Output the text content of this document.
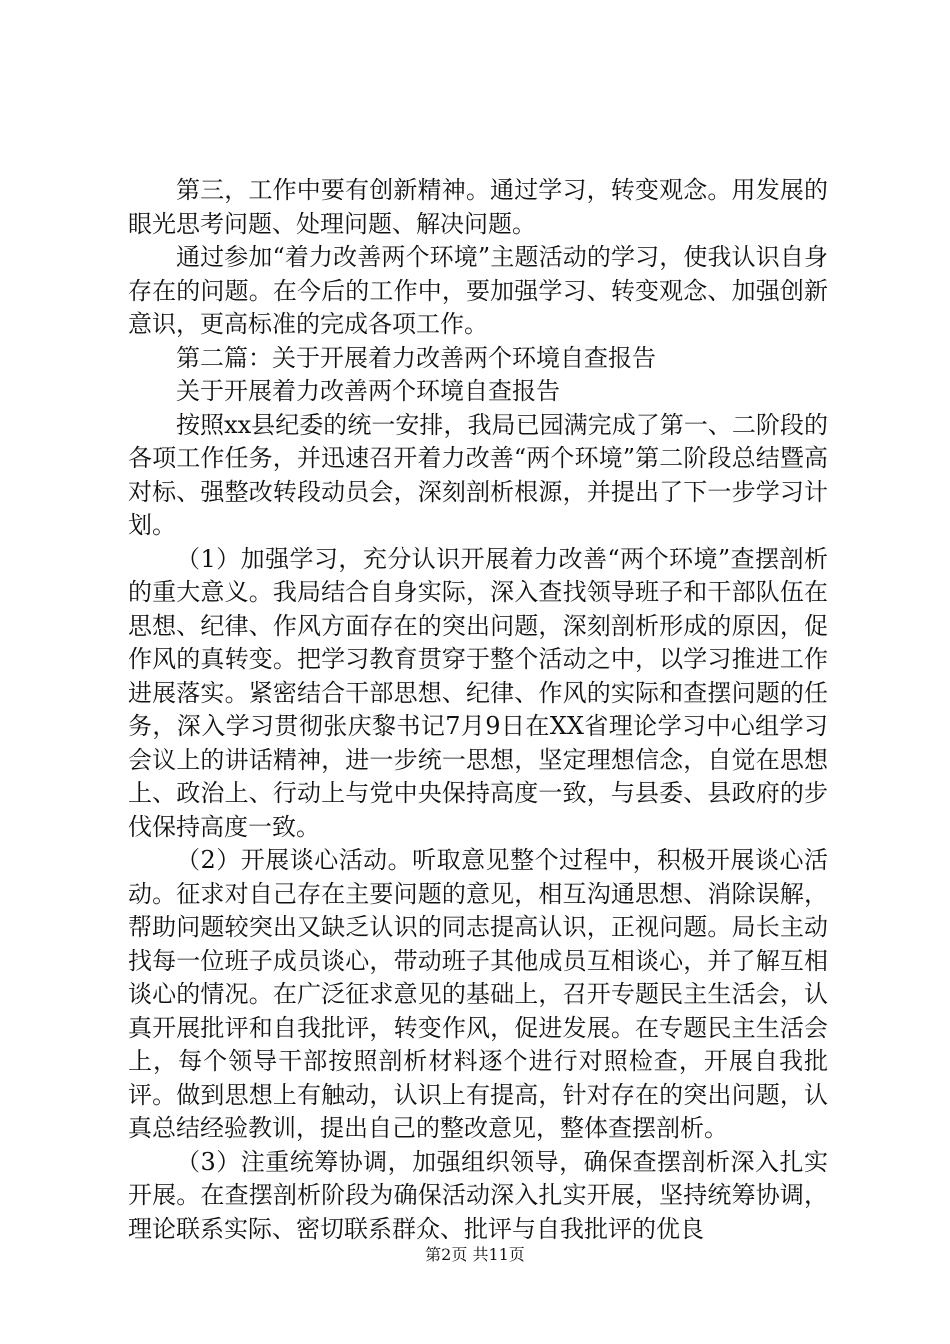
第三，工作中要有创新精神。通过学习，转变观念。用发展的眼光思考问题、处理问题、解决问题。

通过参加“着力改善两个环境”主题活动的学习，使我认识自身存在的问题。在今后的工作中，要加强学习、转变观念、加强创新意识，更高标准的完成各项工作。

第二篇：关于开展着力改善两个环境自查报告

关于开展着力改善两个环境自查报告

按照xx县纪委的统一安排，我局已园满完成了第一、二阶段的各项工作任务，并迅速召开着力改善“两个环境”第二阶段总结暨高对标、强整改转段动员会，深刻剖析根源，并提出了下一步学习计划。

（1）加强学习，充分认识开展着力改善“两个环境”查摆剖析的重大意义。我局结合自身实际，深入查找领导班子和干部队伍在思想、纪律、作风方面存在的突出问题，深刻剖析形成的原因，促作风的真转变。把学习教育贯穿于整个活动之中，以学习推进工作进展落实。紧密结合干部思想、纪律、作风的实际和查摆问题的任务，深入学习贯彻张庆黎书记7月9日在XX省理论学习中心组学习会议上的讲话精神，进一步统一思想，坚定理想信念，自觉在思想上、政治上、行动上与党中央保持高度一致，与县委、县政府的步伐保持高度一致。

（2）开展谈心活动。听取意见整个过程中，积极开展谈心活动。征求对自己存在主要问题的意见，相互沟通思想、消除误解，帮助问题较突出又缺乏认识的同志提高认识，正视问题。局长主动找每一位班子成员谈心，带动班子其他成员互相谈心，并了解互相谈心的情况。在广泛征求意见的基础上，召开专题民主生活会，认真开展批评和自我批评，转变作风，促进发展。在专题民主生活会上，每个领导干部按照剖析材料逐个进行对照检查，开展自我批评。做到思想上有触动，认识上有提高，针对存在的突出问题，认真总结经验教训，提出自己的整改意见，整体查摆剖析。

（3）注重统筹协调，加强组织领导，确保查摆剖析深入扎实开展。在查摆剖析阶段为确保活动深入扎实开展，坚持统筹协调，理论联系实际、密切联系群众、批评与自我批评的优良

第2页 共11页
